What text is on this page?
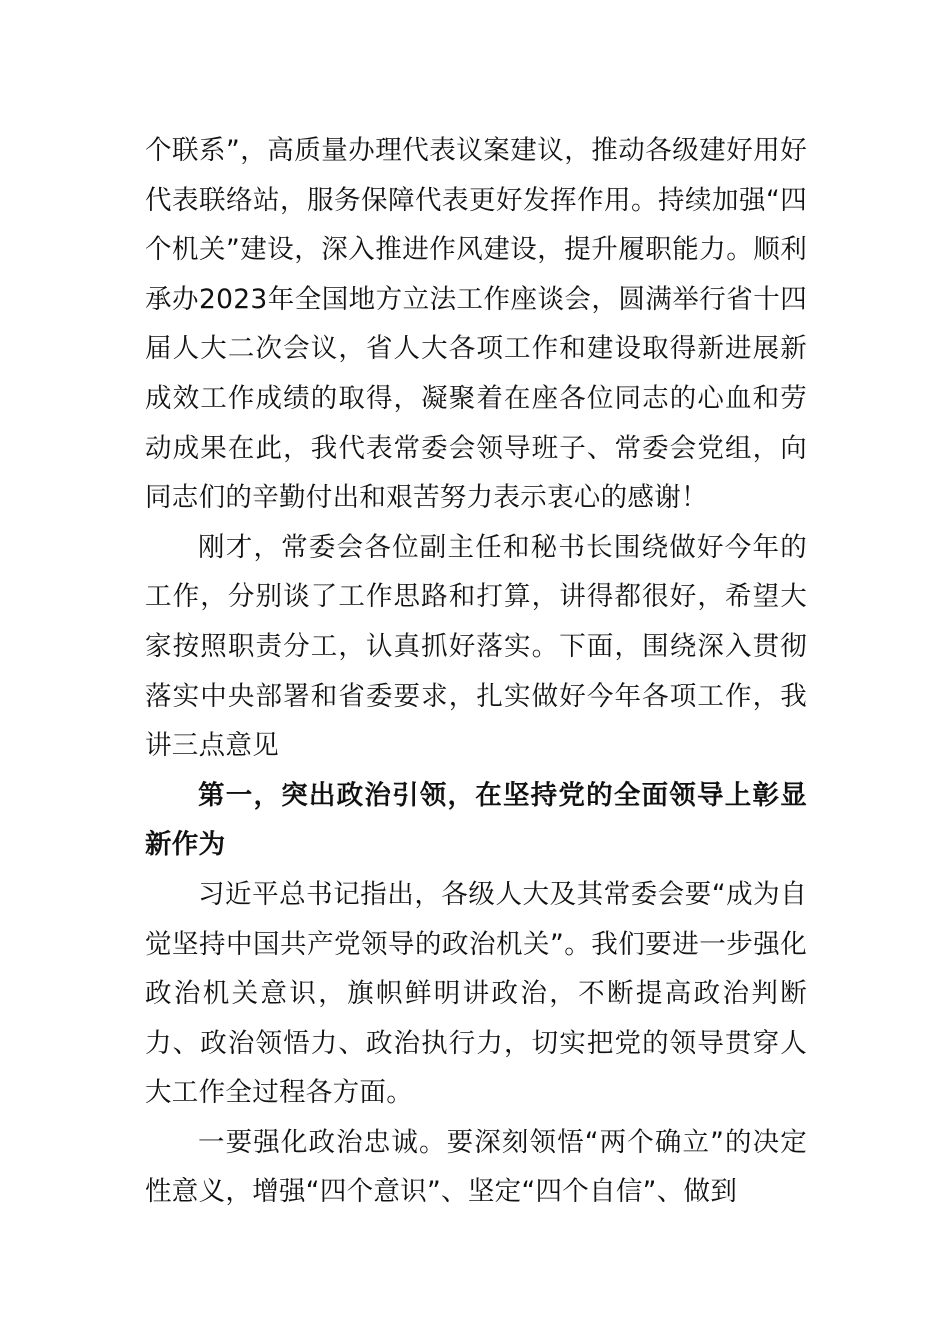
个联系”，高质量办理代表议案建议，推动各级建好用好代表联络站，服务保障代表更好发挥作用。持续加强“四个机关”建设，深入推进作风建设，提升履职能力。顺利承办2023年全国地方立法工作座谈会，圆满举行省十四届人大二次会议，省人大各项工作和建设取得新进展新成效工作成绩的取得，凝聚着在座各位同志的心血和劳动成果在此，我代表常委会领导班子、常委会党组，向同志们的辛勤付出和艰苦努力表示衷心的感谢！

刚才，常委会各位副主任和秘书长围绕做好今年的工作，分别谈了工作思路和打算，讲得都很好，希望大家按照职责分工，认真抓好落实。下面，围绕深入贯彻落实中央部署和省委要求，扎实做好今年各项工作，我讲三点意见

第一，突出政治引领，在坚持党的全面领导上彰显新作为

习近平总书记指出，各级人大及其常委会要“成为自觉坚持中国共产党领导的政治机关”。我们要进一步强化政治机关意识，旗帜鲜明讲政治，不断提高政治判断力、政治领悟力、政治执行力，切实把党的领导贯穿人大工作全过程各方面。

一要强化政治忠诚。要深刻领悟“两个确立”的决定性意义，增强“四个意识”、坚定“四个自信”、做到
